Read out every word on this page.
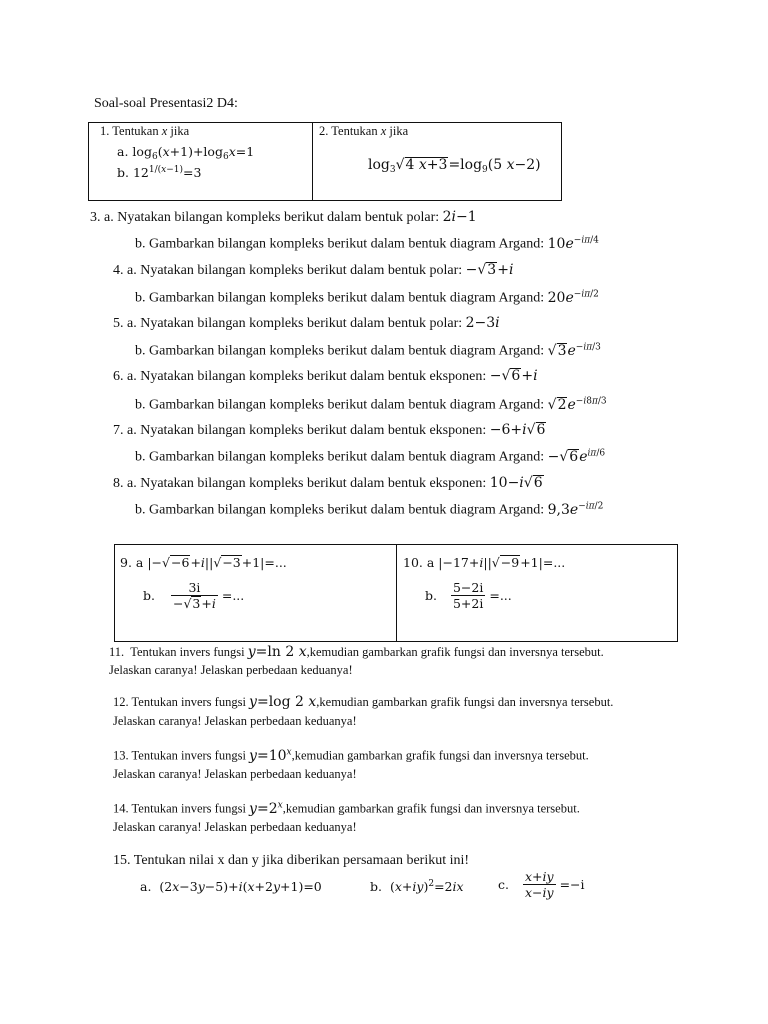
Soal-soal Presentasi2 D4:
1. Tentukan x jika
a. $\log_6(x+1)+\log_6x=1$
b. $12^{1/(x-1)}=3$
2. Tentukan x jika
$\log_3√4$ $x+3=\log_9(5$ x−2)
3. a. Nyatakan bilangan kompleks berikut dalam bentuk polar: 2i−1
b. Gambarkan bilangan kompleks berikut dalam bentuk diagram Argand: $10e^{-i\pi/4}$
4. a. Nyatakan bilangan kompleks berikut dalam bentuk polar: −√3+i
b. Gambarkan bilangan kompleks berikut dalam bentuk diagram Argand: $20e^{-i\pi/2}$
5. a. Nyatakan bilangan kompleks berikut dalam bentuk polar: 2−3i
b. Gambarkan bilangan kompleks berikut dalam bentuk diagram Argand: $√3e^{-i\pi/3}$
6. a. Nyatakan bilangan kompleks berikut dalam bentuk eksponen: −√6+i
b. Gambarkan bilangan kompleks berikut dalam bentuk diagram Argand: $√2e^{-i8\pi/3}$
7. a. Nyatakan bilangan kompleks berikut dalam bentuk eksponen: −6+i√6
b. Gambarkan bilangan kompleks berikut dalam bentuk diagram Argand: $-√6e^{i\pi/6}$
8. a. Nyatakan bilangan kompleks berikut dalam bentuk eksponen: 10−i√6
b. Gambarkan bilangan kompleks berikut dalam bentuk diagram Argand: $9,3e^{-i\pi/2}$
9. a |−√−6+i||√−3+1|=...
b. $\frac{3i}{-√3+i}$ =...
10. a |−17+i||√−9+1|=...
b. $\frac{5-2i}{5+2i}$ =...
11. Tentukan invers fungsi y=ln 2 x,kemudian gambarkan grafik fungsi dan inversnya tersebut.
Jelaskan caranya! Jelaskan perbedaan keduanya!
12. Tentukan invers fungsi y=log 2 x,kemudian gambarkan grafik fungsi dan inversnya tersebut.
Jelaskan caranya! Jelaskan perbedaan keduanya!
13. Tentukan invers fungsi $y=10^x,kemudian$ gambarkan grafik fungsi dan inversnya tersebut.
Jelaskan caranya! Jelaskan perbedaan keduanya!
14. Tentukan invers fungsi $y=2^x,kemudian$ gambarkan grafik fungsi dan inversnya tersebut.
Jelaskan caranya! Jelaskan perbedaan keduanya!
15. Tentukan nilai x dan y jika diberikan persamaan berikut ini!
a. (2x−3y−5)+i(x+2y+1)=0	b. $(x+iy)^2=2ix$	c. $\frac{x+iy}{x-iy} =-i$
